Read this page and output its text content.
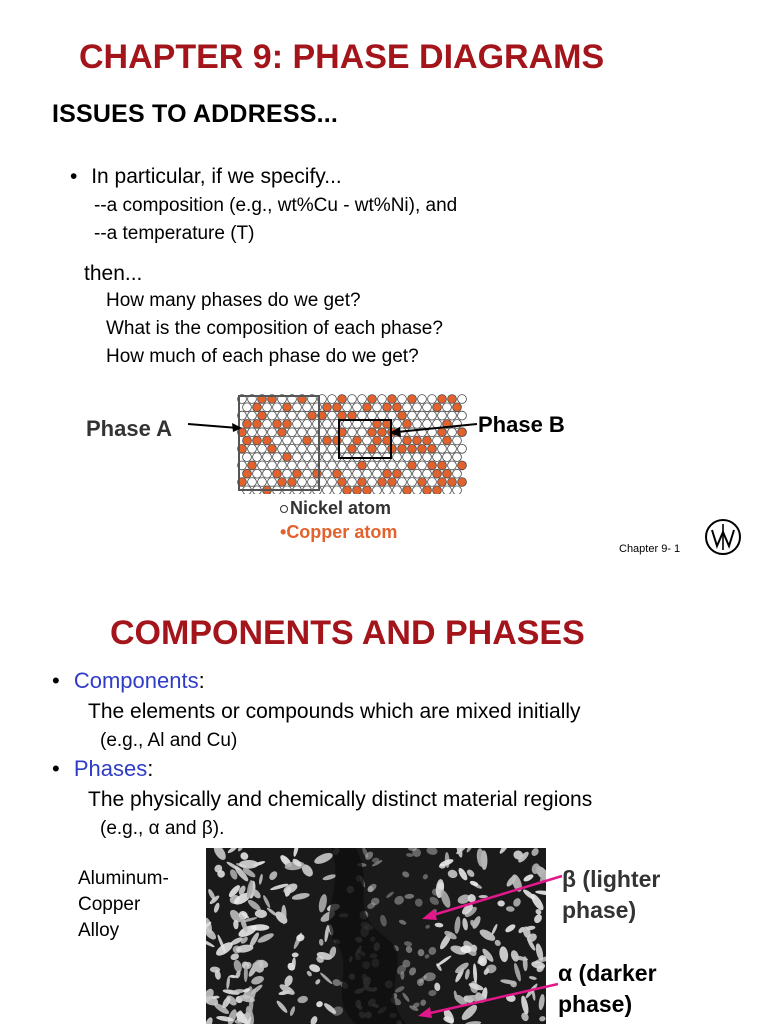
CHAPTER 9: PHASE DIAGRAMS
ISSUES TO ADDRESS...
• In particular, if we specify...
--a composition (e.g., wt%Cu - wt%Ni), and
--a temperature (T)
then...
How many phases do we get?
What is the composition of each phase?
How much of each phase do we get?
Phase A	Phase B
Nickel atom
•Copper atom
Chapter 9- 1
COMPONENTS AND PHASES
• Components:
The elements or compounds which are mixed initially
(e.g., Al and Cu)
• Phases:
The physically and chemically distinct material regions
(e.g., α and β).
Aluminum-
Copper
Alloy
β (lighter
phase)
α (darker
phase)
